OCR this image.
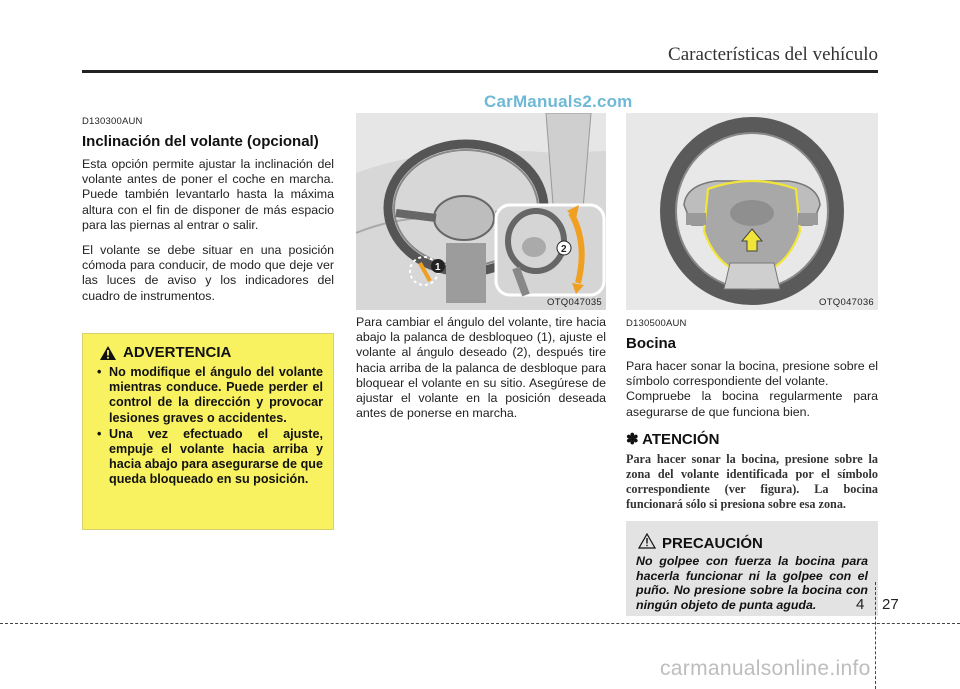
Características del vehículo
CarManuals2.com
D130300AUN
Inclinación del volante (opcional)

Esta opción permite ajustar la inclinación del volante antes de poner el coche en marcha. Puede también levantarlo hasta la máxima altura con el fin de disponer de más espacio para las piernas al entrar o salir.

El volante se debe situar en una posición cómoda para conducir, de modo que deje ver las luces de aviso y los indicadores del cuadro de instrumentos.

ADVERTENCIA
• No modifique el ángulo del volante mientras conduce. Puede perder el control de la dirección y provocar lesiones graves o accidentes.
• Una vez efectuado el ajuste, empuje el volante hacia arriba y hacia abajo para asegurarse de que queda bloqueado en su posición.
1
2
OTQ047035

Para cambiar el ángulo del volante, tire hacia abajo la palanca de desbloqueo (1), ajuste el volante al ángulo deseado (2), después tire hacia arriba de la palanca de desbloque para bloquear el volante en su sitio. Asegúrese de ajustar el volante en la posición deseada antes de ponerse en marcha.

OTQ047036
D130500AUN
Bocina

Para hacer sonar la bocina, presione sobre el símbolo correspondiente del volante.

Compruebe la bocina regularmente para asegurarse de que funciona bien.

✽ ATENCIÓN

Para hacer sonar la bocina, presione sobre la zona del volante identificada por el símbolo correspondiente (ver figura). La bocina funcionará sólo si presiona sobre esa zona.

PRECAUCIÓN

No golpee con fuerza la bocina para hacerla funcionar ni la golpee con el puño. No presione sobre la bocina con ningún objeto de punta aguda.	4 27
carmanualsonline.info
